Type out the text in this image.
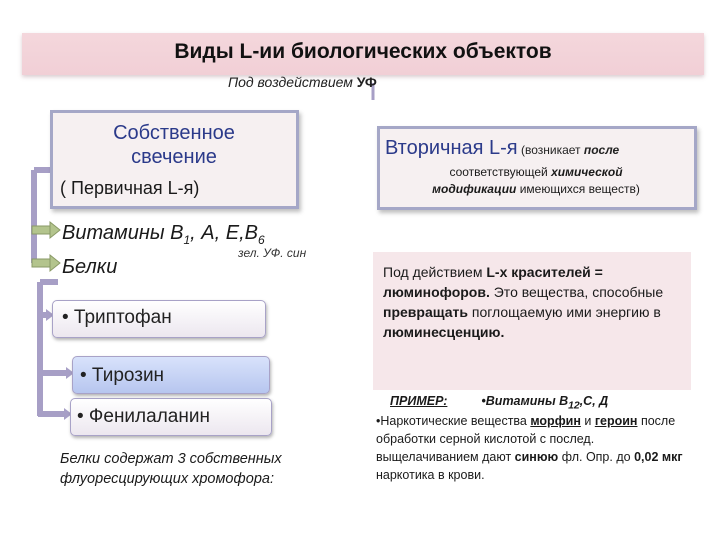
Виды L-ии биологических объектов
Под воздействием УФ
Собственное
свечение
( Первичная L-я)
Вторичная L-я (возникает после
соответствующей химической
модификации имеющихся веществ)
Витамины $В_1$, А, $Е,В_6$
зел. УФ. син
Белки	Под действием L-х красителей = люминофоров. Это вещества, способные превращать поглощаемую ими энергию в люминесценцию.
• Триптофан
• Тирозин
• Фенилаланин
Белки содержат 3 собственных флуоресцирующих хромофора:
ПРИМЕР:	•Витамины $В_{12},С$, Д
•Наркотические вещества морфин и героин после обработки серной кислотой с послед. выщелачиванием дают синюю фл. Опр. до 0,02 мкг наркотика в крови.
